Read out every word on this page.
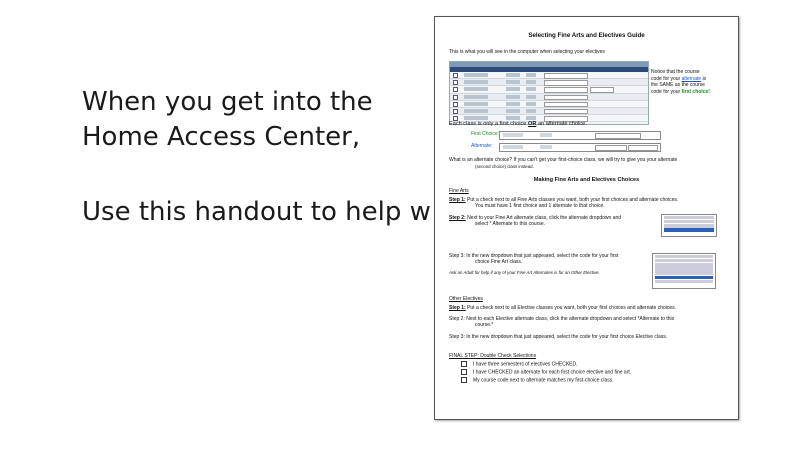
When you get into the
Home Access Center,
Use this handout to help w
Selecting Fine Arts and Electives Guide
This is what you will see in the computer when selecting your electives
Notice that the course
code for your alternate is
the SAME as the course
code for your first choice!
Each class is only a first choice OR an alternate choice.
First Choice:
Alternate:
What is an alternate choice? If you can't get your first-choice class, we will try to give you your alternate
(second choice) class instead.
Making Fine Arts and Electives Choices
Fine Arts
Step 1: Put a check next to all Fine Arts classes you want, both your first choices and alternate choices.
You must have 1 first choice and 1 alternate to that choice.
Step 2: Next to your Fine Art alternate class, click the alternate dropdown and
select * Alternate to this course.
Step 3: In the new dropdown that just appeared, select the code for your first
choice Fine Art class.
Ask an Adult for help if any of your Fine Art Alternates is for an Other Elective.
Other Electives
Step 1: Put a check next to all Elective classes you want, both your first choices and alternate choices.
Step 2: Next to each Elective alternate class, click the alternate dropdown and select *Alternate to this
course.*
Step 3: In the new dropdown that just appeared, select the code for your first choice Elective class.
FINAL STEP: Double Check Selections
I have three semesters of electives CHECKED.
I have CHECKED an alternate for each first choice elective and fine art.
My course code next to alternate matches my first-choice class.
